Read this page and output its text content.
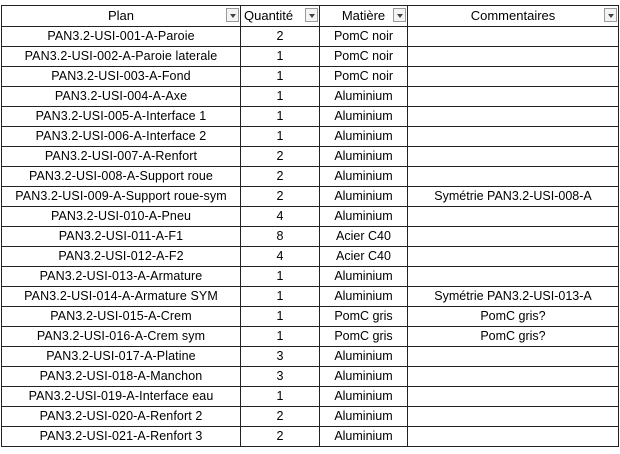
Plan	Quantité	Matière	Commentaires

PAN3.2-USI-001-A-Paroie	2	PomC noir	
PAN3.2-USI-002-A-Paroie laterale	1	PomC noir	
PAN3.2-USI-003-A-Fond	1	PomC noir	
PAN3.2-USI-004-A-Axe	1	Aluminium	
PAN3.2-USI-005-A-Interface 1	1	Aluminium	
PAN3.2-USI-006-A-Interface 2	1	Aluminium	
PAN3.2-USI-007-A-Renfort	2	Aluminium	
PAN3.2-USI-008-A-Support roue	2	Aluminium	
PAN3.2-USI-009-A-Support roue-sym	2	Aluminium	Symétrie PAN3.2-USI-008-A
PAN3.2-USI-010-A-Pneu	4	Aluminium	
PAN3.2-USI-011-A-F1	8	Acier C40	
PAN3.2-USI-012-A-F2	4	Acier C40	
PAN3.2-USI-013-A-Armature	1	Aluminium	
PAN3.2-USI-014-A-Armature SYM	1	Aluminium	Symétrie PAN3.2-USI-013-A
PAN3.2-USI-015-A-Crem	1	PomC gris	PomC gris?
PAN3.2-USI-016-A-Crem sym	1	PomC gris	PomC gris?
PAN3.2-USI-017-A-Platine	3	Aluminium	
PAN3.2-USI-018-A-Manchon	3	Aluminium	
PAN3.2-USI-019-A-Interface eau	1	Aluminium	
PAN3.2-USI-020-A-Renfort 2	2	Aluminium	
PAN3.2-USI-021-A-Renfort 3	2	Aluminium	
